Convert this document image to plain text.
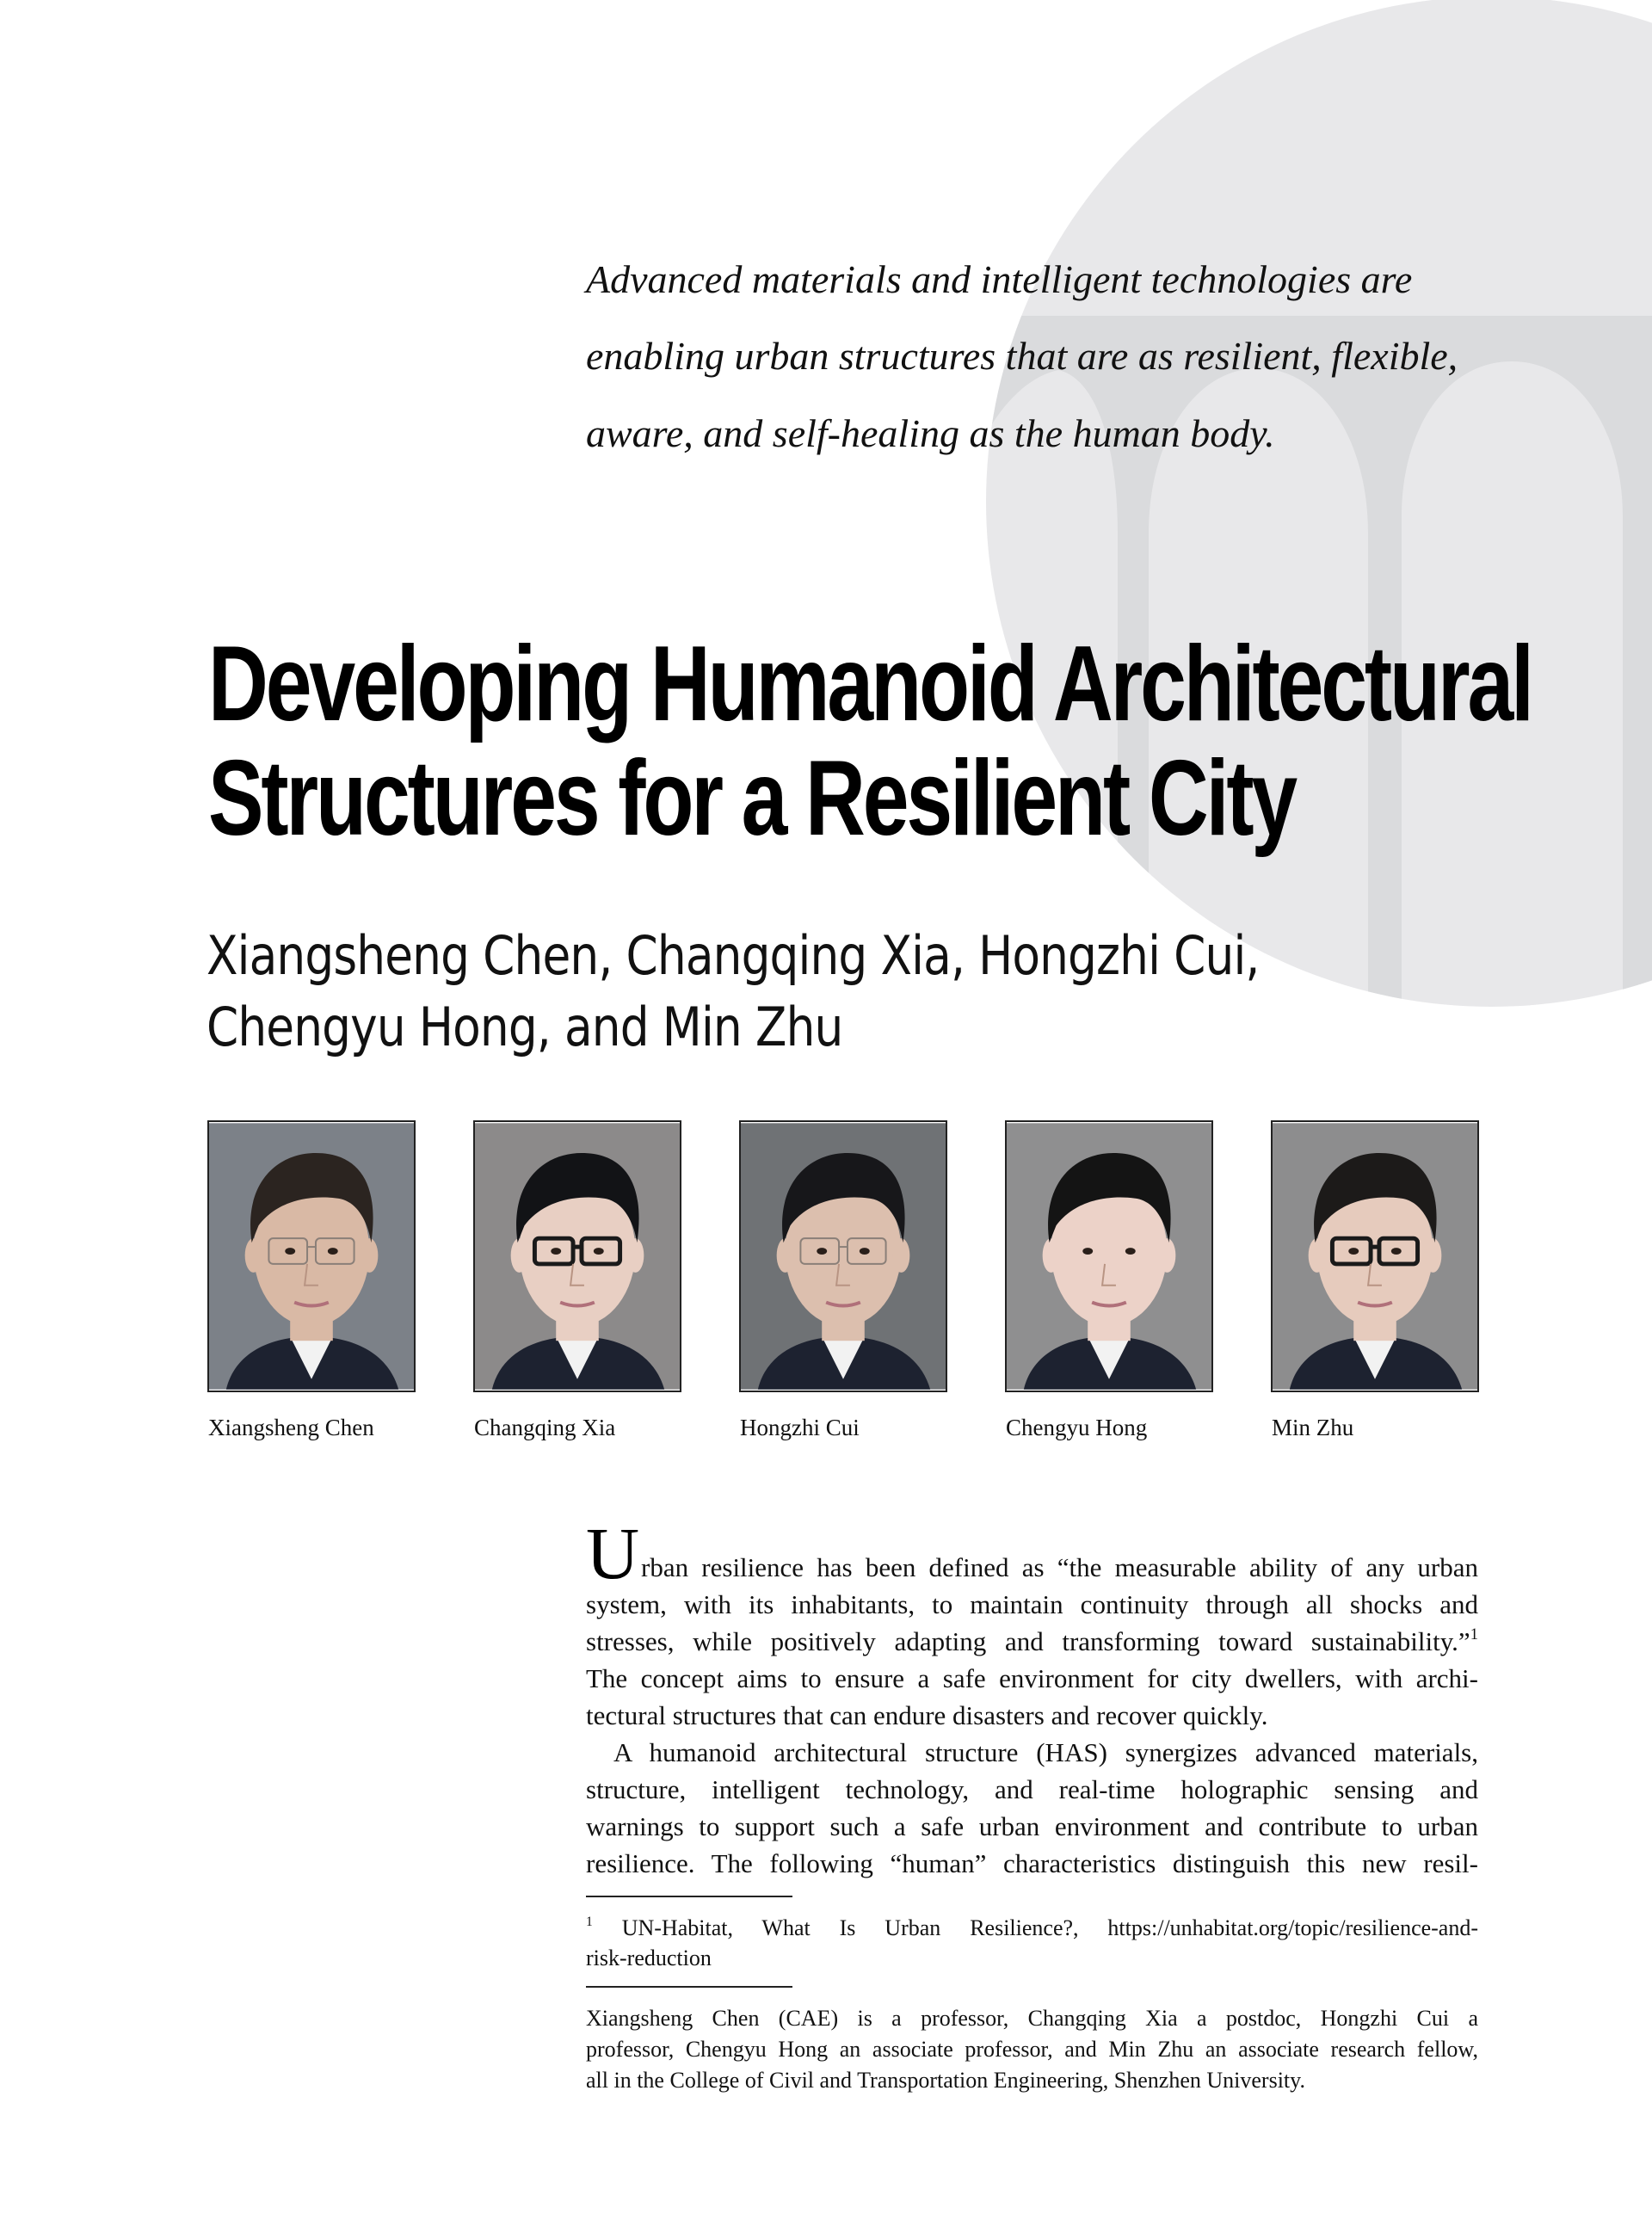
Advanced materials and intelligent technologies are
enabling urban structures that are as resilient, flexible,
aware, and self-healing as the human body.
Developing Humanoid Architectural
Structures for a Resilient City
Xiangsheng Chen, Changqing Xia, Hongzhi Cui,
Chengyu Hong, and Min Zhu
Xiangsheng Chen	Changqing Xia	Hongzhi Cui	Chengyu Hong	Min Zhu
U rban resilience has been defined as “the measurable ability of any urban
system, with its inhabitants, to maintain continuity through all shocks and
stresses, while positively adapting and transforming toward sustainability.”$^1$
The concept aims to ensure a safe environment for city dwellers, with archi-
tectural structures that can endure disasters and recover quickly.
A humanoid architectural structure (HAS) synergizes advanced materials,
structure, intelligent technology, and real-time holographic sensing and
warnings to support such a safe urban environment and contribute to urban
resilience. The following “human” characteristics distinguish this new resil-
$^1$ UN-Habitat, What Is Urban Resilience?, https://unhabitat.org/topic/resilience-and-
risk-reduction
Xiangsheng Chen (CAE) is a professor, Changqing Xia a postdoc, Hongzhi Cui a
professor, Chengyu Hong an associate professor, and Min Zhu an associate research fellow,
all in the College of Civil and Transportation Engineering, Shenzhen University.
